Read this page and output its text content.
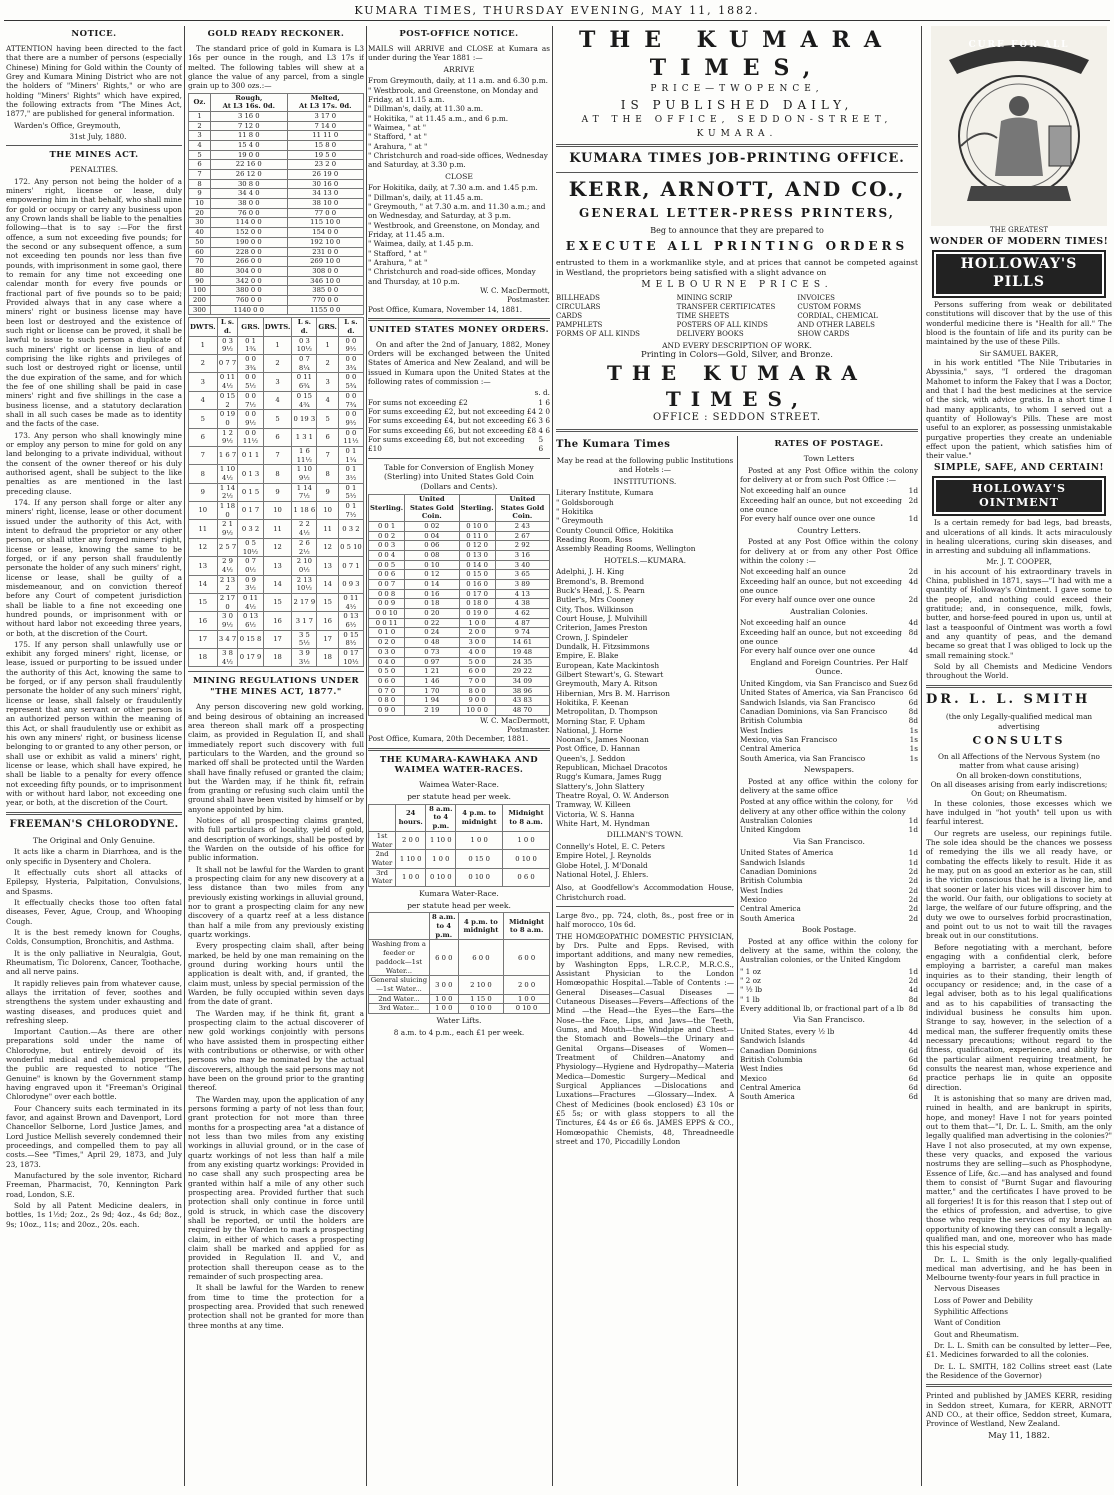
KUMARA TIMES, THURSDAY EVENING, MAY 11, 1882.
NOTICE.

ATTENTION having been directed to the fact that there are a number of persons (especially Chinese) Mining for Gold within the County of Grey and Kumara Mining District who are not the holders of "Miners' Rights," or who are holding "Miners' Rights" which have expired, the following extracts from "The Mines Act, 1877," are published for general information.

Warden's Office, Greymouth,

31st July, 1880.

THE MINES ACT.
PENALTIES.

172. Any person not being the holder of a miners' right, license or lease, duly empowering him in that behalf, who shall mine for gold or occupy or carry any business upon any Crown lands shall be liable to the penalties following—that is to say :—For the first offence, a sum not exceeding five pounds; for the second or any subsequent offence, a sum not exceeding ten pounds nor less than five pounds, with imprisonment in some gaol, there to remain for any time not exceeding one calendar month for every five pounds or fractional part of five pounds so to be paid; Provided always that in any case where a miners' right or business license may have been lost or destroyed and the existence of such right or license can be proved, it shall be lawful to issue to such person a duplicate of such miners' right or license in lieu of and comprising the like rights and privileges of such lost or destroyed right or license, until the due expiration of the same, and for which the fee of one shilling shall be paid in case miners' right and five shillings in the case a business license, and a statutory declaration shall in all such cases be made as to identity and the facts of the case.

173. Any person who shall knowingly mine or employ any person to mine for gold on any land belonging to a private individual, without the consent of the owner thereof or his duly authorised agent, shall be subject to the like penalties as are mentioned in the last preceding clause.

174. If any person shall forge or alter any miners' right, license, lease or other document issued under the authority of this Act, with intent to defraud the proprietor or any other person, or shall utter any forged miners' right, license or lease, knowing the same to be forged, or if any person shall fraudulently personate the holder of any such miners' right, license or lease, shall be guilty of a misdemeanour, and on conviction thereof before any Court of competent jurisdiction shall be liable to a fine not exceeding one hundred pounds, or imprisonment with or without hard labor not exceeding three years, or both, at the discretion of the Court.

175. If any person shall unlawfully use or exhibit any forged miners' right, license, or lease, issued or purporting to be issued under the authority of this Act, knowing the same to be forged, or if any person shall fraudulently personate the holder of any such miners' right, license or lease, shall falsely or fraudulently represent that any servant or other person is an authorized person within the meaning of this Act, or shall fraudulently use or exhibit as his own any miners' right, or business license belonging to or granted to any other person, or shall use or exhibit as valid a miners' right, license or lease, which shall have expired, he shall be liable to a penalty for every offence not exceeding fifty pounds, or to imprisonment with or without hard labor, not exceeding one year, or both, at the discretion of the Court.

FREEMAN'S CHLORODYNE.
The Original and Only Genuine.

It acts like a charm in Diarrhœa, and is the only specific in Dysentery and Cholera.

It effectually cuts short all attacks of Epilepsy, Hysteria, Palpitation, Convulsions, and Spasms.

It effectually checks those too often fatal diseases, Fever, Ague, Croup, and Whooping Cough.

It is the best remedy known for Coughs, Colds, Consumption, Bronchitis, and Asthma.

It is the only palliative in Neuralgia, Gout, Rheumatism, Tic Dolorenx, Cancer, Toothache, and all nerve pains.

It rapidly relieves pain from whatever cause, allays the irritation of fever, soothes and strengthens the system under exhausting and wasting diseases, and produces quiet and refreshing sleep.

Important Caution.—As there are other preparations sold under the name of Chlorodyne, but entirely devoid of its wonderful medical and chemical properties, the public are requested to notice "The Genuine" is known by the Government stamp having engraved upon it "Freeman's Original Chlorodyne" over each bottle.

Four Chancery suits each terminated in its favor, and against Brown and Davenport, Lord Chancellor Selborne, Lord Justice James, and Lord Justice Mellish severely condemned their proceedings, and compelled them to pay all costs.—See "Times," April 29, 1873, and July 23, 1873.

Manufactured by the sole inventor, Richard Freeman, Pharmacist, 70, Kennington Park road, London, S.E.

Sold by all Patent Medicine dealers, in bottles, 1s 1½d; 2oz., 2s 9d; 4oz., 4s 6d; 8oz., 9s; 10oz., 11s; and 20oz., 20s. each.

GOLD READY RECKONER.

The standard price of gold in Kumara is L3 16s per ounce in the rough, and L3 17s if melted. The following tables will shew at a glance the value of any parcel, from a single grain up to 300 ozs.:—

Oz.	Rough,
At L3 16s. 0d.	Melted,
At L3 17s. 0d.
1	3 16 0	3 17 0
2	7 12 0	7 14 0
3	11 8 0	11 11 0
4	15 4 0	15 8 0
5	19 0 0	19 5 0
6	22 16 0	23 2 0
7	26 12 0	26 19 0
8	30 8 0	30 16 0
9	34 4 0	34 13 0
10	38 0 0	38 10 0
20	76 0 0	77 0 0
30	114 0 0	115 10 0
40	152 0 0	154 0 0
50	190 0 0	192 10 0
60	228 0 0	231 0 0
70	266 0 0	269 10 0
80	304 0 0	308 0 0
90	342 0 0	346 10 0
100	380 0 0	385 0 0
200	760 0 0	770 0 0
300	1140 0 0	1155 0 0
DWTS.	L s. d.	GRS.	DWTS.	L s. d.	GRS.	L s. d.
1	0 3 9½	0 1 1¾	1	0 3 10½	1	0 0 9½
2	0 7 7	0 0 3¾	2	0 7 8¼	2	0 0 3¾
3	0 11 4½	0 0 5½	3	0 11 6¾	3	0 0 5¾
4	0 15 2	0 0 7½	4	0 15 4¾	4	0 0 7¾
5	0 19 0	0 0 9½	5	0 19 3	5	0 0 9½
6	1 2 9½	0 0 11½	6	1 3 1	6	0 0 11½
7	1 6 7	0 1 1	7	1 6 11½	7	0 1 1¼
8	1 10 4½	0 1 3	8	1 10 9½	8	0 1 3½
9	1 14 2½	0 1 5	9	1 14 7½	9	0 1 5½
10	1 18 0	0 1 7	10	1 18 6	10	0 1 7½
11	2 1 9½	0 3 2	11	2 2 4½	11	0 3 2
12	2 5 7	0 5 10½	12	2 6 2½	12	0 5 10
13	2 9 4½	0 7 0½	13	2 10 0½	13	0 7 1
14	2 13 2	0 9 3½	14	2 13 10½	14	0 9 3
15	2 17 0	0 11 4½	15	2 17 9	15	0 11 4½
16	3 0 9½	0 13 6½	16	3 1 7	16	0 13 6½
17	3 4 7	0 15 8	17	3 5 5½	17	0 15 8½
18	3 8 4½	0 17 9	18	3 9 3½	18	0 17 10½
MINING REGULATIONS UNDER "THE MINES ACT, 1877."

Any person discovering new gold working, and being desirous of obtaining an increased area thereon shall mark off a prospecting claim, as provided in Regulation II, and shall immediately report such discovery with full particulars to the Warden, and the ground so marked off shall be protected until the Warden shall have finally refused or granted the claim; but the Warden may, if he think fit, refrain from granting or refusing such claim until the ground shall have been visited by himself or by anyone appointed by him.

Notices of all prospecting claims granted, with full particulars of locality, yield of gold, and description of workings, shall be posted by the Warden on the outside of his office for public information.

It shall not be lawful for the Warden to grant a prospecting claim for any new discovery at a less distance than two miles from any previously existing workings in alluvial ground, nor to grant a prospecting claim for any new discovery of a quartz reef at a less distance than half a mile from any previously existing quartz workings.

Every prospecting claim shall, after being marked, be held by one man remaining on the ground during working hours until the application is dealt with, and, if granted, the claim must, unless by special permission of the Warden, be fully occupied within seven days from the date of grant.

The Warden may, if he think fit, grant a prospecting claim to the actual discoverer of new gold workings conjointly with persons who have assisted them in prospecting either with contributions or otherwise, or with other persons who may be nominated by the actual discoverers, although the said persons may not have been on the ground prior to the granting thereof.

The Warden may, upon the application of any persons forming a party of not less than four, grant protection for not more than three months for a prospecting area "at a distance of not less than two miles from any existing workings in alluvial ground, or in the case of quartz workings of not less than half a mile from any existing quartz workings: Provided in no case shall any such prospecting area be granted within half a mile of any other such prospecting area. Provided further that such protection shall only continue in force until gold is struck, in which case the discovery shall be reported, or until the holders are required by the Warden to mark a prospecting claim, in either of which cases a prospecting claim shall be marked and applied for as provided in Regulation II. and V., and protection shall thereupon cease as to the remainder of such prospecting area.

It shall be lawful for the Warden to renew from time to time the protection for a prospecting area. Provided that such renewed protection shall not be granted for more than three months at any time.

POST-OFFICE NOTICE.

MAILS will ARRIVE and CLOSE at Kumara as under during the Year 1881 :—

ARRIVE
From Greymouth, daily, at 11 a.m. and 6.30 p.m.
" Westbrook, and Greenstone, on Monday and Friday, at 11.15 a.m.
" Dillman's, daily, at 11.30 a.m.
" Hokitika, " at 11.45 a.m., and 6 p.m.
" Waimea, " at "
" Stafford, " at "
" Arahura, " at "
" Christchurch and road-side offices, Wednesday and Saturday, at 3.30 p.m.
CLOSE
For Hokitika, daily, at 7.30 a.m. and 1.45 p.m.
" Dillman's, daily, at 11.45 a.m.
" Greymouth, " at 7.30 a.m. and 11.30 a.m.; and on Wednesday, and Saturday, at 3 p.m.
" Westbrook, and Greenstone, on Monday, and Friday, at 11.45 a.m.
" Waimea, daily, at 1.45 p.m.
" Stafford, " at "
" Arahura, " at "
" Christchurch and road-side offices, Monday and Thursday, at 10 p.m.
W. C. MacDermott,
Postmaster.
Post Office, Kumara, November 14, 1881.
UNITED STATES MONEY ORDERS.

On and after the 2nd of January, 1882, Money Orders will be exchanged between the United States of America and New Zealand, and will be issued in Kumara upon the United States at the following rates of commission :—

s. d.
For sums not exceeding £2	1 6
For sums exceeding £2, but not exceeding £4 2 0
For sums exceeding £4, but not exceeding £6 3 6
For sums exceeding £6, but not exceeding £8 4 6
For sums exceeding £8, but not exceeding £10
5 6
Table for Conversion of English Money (Sterling) into United States Gold Coin (Dollars and Cents).
Sterling.	United States Gold Coin.	Sterling.	United States Gold Coin.
0 0 1	0 02	0 10 0	2 43
0 0 2	0 04	0 11 0	2 67
0 0 3	0 06	0 12 0	2 92
0 0 4	0 08	0 13 0	3 16
0 0 5	0 10	0 14 0	3 40
0 0 6	0 12	0 15 0	3 65
0 0 7	0 14	0 16 0	3 89
0 0 8	0 16	0 17 0	4 13
0 0 9	0 18	0 18 0	4 38
0 0 10	0 20	0 19 0	4 62
0 0 11	0 22	1 0 0	4 87
0 1 0	0 24	2 0 0	9 74
0 2 0	0 48	3 0 0	14 61
0 3 0	0 73	4 0 0	19 48
0 4 0	0 97	5 0 0	24 35
0 5 0	1 21	6 0 0	29 22
0 6 0	1 46	7 0 0	34 09
0 7 0	1 70	8 0 0	38 96
0 8 0	1 94	9 0 0	43 83
0 9 0	2 19	10 0 0	48 70
W. C. MacDermott,
Postmaster.
Post Office, Kumara, 20th December, 1881.
THE KUMARA-KAWHAKA AND WAIMEA WATER-RACES.
Waimea Water-Race.
per statute head per week.
	24 hours.	8 a.m. to 4 p.m.	4 p.m. to midnight	Midnight to 8 a.m.
1st Water	2 0 0	1 10 0	1 0 0	1 0 0
2nd Water	1 10 0	1 0 0	0 15 0	0 10 0
3rd Water	1 0 0	0 10 0	0 10 0	0 6 0
Kumara Water-Race.
per statute head per week.
	8 a.m. to 4 p.m.	4 p.m. to midnight	Midnight to 8 a.m.
Washing from a feeder or paddock—1st Water...	6 0 0	6 0 0	6 0 0
General sluicing—1st Water...	3 0 0	2 10 0	2 0 0
2nd Water...	1 0 0	1 15 0	1 0 0
3rd Water...	1 0 0	0 10 0	0 10 0
Water Lifts.
8 a.m. to 4 p.m., each £1 per week.
THE KUMARA TIMES,
PRICE—TWOPENCE,
IS PUBLISHED DAILY,
AT THE OFFICE, SEDDON-STREET,
KUMARA.
KUMARA TIMES JOB-PRINTING OFFICE.
KERR, ARNOTT, AND CO.,
GENERAL LETTER-PRESS PRINTERS,
Beg to announce that they are prepared to
EXECUTE ALL PRINTING ORDERS

entrusted to them in a workmanlike style, and at prices that cannot be competed against in Westland, the proprietors being satisfied with a slight advance on

MELBOURNE PRICES.
BILLHEADS	MINING SCRIP	INVOICES
CIRCULARS	TRANSFER CERTIFICATES	CUSTOM FORMS
CARDS	TIME SHEETS	CORDIAL, CHEMICAL
PAMPHLETS	POSTERS OF ALL KINDS	AND OTHER LABELS
FORMS OF ALL KINDS	DELIVERY BOOKS	SHOW CARDS
AND EVERY DESCRIPTION OF WORK.
Printing in Colors—Gold, Silver, and Bronze.
THE KUMARA TIMES,
OFFICE : SEDDON STREET.
The Kumara Times
May be read at the following public Institutions and Hotels :—
INSTITUTIONS.
Literary Institute, Kumara
" Goldsborough
" Hokitika
" Greymouth
County Council Office, Hokitika
Reading Room, Ross
Assembly Reading Rooms, Wellington
HOTELS.—KUMARA.
Adelphi, J. H. King
Bremond's, B. Bremond
Buck's Head, J. S. Pearn
Butler's, Mrs Cooney
City, Thos. Wilkinson
Court House, J. Mulvihill
Criterion, James Preston
Crown, J. Spindeler
Dundalk, H. Fitzsimmons
Empire, E. Blake
European, Kate Mackintosh
Gilbert Stewart's, G. Stewart
Greymouth, Mary A. Ritson
Hibernian, Mrs B. M. Harrison
Hokitika, F. Keenan
Metropolitan, D. Thompson
Morning Star, F. Upham
National, J. Horne
Noonan's, James Noonan
Post Office, D. Hannan
Queen's, J. Seddon
Republican, Michael Dracotos
Rugg's Kumara, James Rugg
Slattery's, John Slattery
Theatre Royal, O. W. Anderson
Tramway, W. Killeen
Victoria, W. S. Hanna
White Hart, M. Hyndman
DILLMAN'S TOWN.
Connelly's Hotel, E. C. Peters
Empire Hotel, J. Reynolds
Globe Hotel, J. M'Donald
National Hotel, J. Ehlers.

Also, at Goodfellow's Accommodation House, Christchurch road.

Large 8vo., pp. 724, cloth, 8s., post free or in half morocco, 10s 6d.

THE HOMŒOPATHIC DOMESTIC PHYSICIAN, by Drs. Pulte and Epps. Revised, with important additions, and many new remedies, by Washington Epps, L.R.C.P., M.R.C.S., Assistant Physician to the London Homœopathic Hospital.—Table of Contents :—General Diseases—Casual Diseases — Cutaneous Diseases—Fevers—Affections of the Mind —the Head—the Eyes—the Ears—the Nose—the Face, Lips, and Jaws—the Teeth, Gums, and Mouth—the Windpipe and Chest—the Stomach and Bowels—the Urinary and Genital Organs—Diseases of Women—Treatment of Children—Anatomy and Physiology—Hygiene and Hydropathy—Materia Medica—Domestic Surgery—Medical and Surgical Appliances —Dislocations and Luxations—Fractures —Glossary—Index. A Chest of Medicines (book enclosed) £3 10s or £5 5s; or with glass stoppers to all the Tinctures, £4 4s or £6 6s. JAMES EPPS & CO., Homœopathic Chemists, 48, Threadneedle street and 170, Piccadilly London

RATES OF POSTAGE.
Town Letters

Posted at any Post Office within the colony for delivery at or from such Post Office :—

Not exceeding half an ounce	1d
Exceeding half an ounce, but not exceeding one ounce
2d
For every half ounce over one ounce	1d
Country Letters.

Posted at any Post Office within the colony for delivery at or from any other Post Office within the colony :—

Not exceeding half an ounce	2d
Exceeding half an ounce, but not exceeding one ounce
4d
For every half ounce over one ounce	2d
Australian Colonies.
Not exceeding half an ounce	4d
Exceeding half an ounce, but not exceeding one ounce
8d
For every half ounce over one ounce	4d
England and Foreign Countries. Per Half Ounce.
United Kingdom, via San Francisco and Suez 6d
United States of America, via San Francisco 6d
Sandwich Islands, via San Francisco	6d
Canadian Dominions, via San Francisco	8d
British Columbia	8d
West Indies	1s
Mexico, via San Francisco	1s
Central America	1s
South America, via San Francisco	1s
Newspapers.

Posted at any office within the colony for delivery at the same office

Posted at any office within the colony, for delivery at any other office within the colony
½d
Australian Colonies	1d
United Kingdom	1d
Via San Francisco.
United States of America	1d
Sandwich Islands	1d
Canadian Dominions	2d
British Columbia	2d
West Indies	2d
Mexico	2d
Central America	2d
South America	2d
Book Postage.

Posted at any office within the colony for delivery at the same, within the colony, the Australian colonies, or the United Kingdom

" 1 oz	1d
" 2 oz	2d
" ½ lb	4d
" 1 lb	8d
Every additional lb, or fractional part of a lb 8d
Via San Francisco.
United States, every ½ lb	4d
Sandwich Islands	4d
Canadian Dominions	6d
British Columbia	6d
West Indies	6d
Mexico	6d
Central America	6d
South America	6d
CURE FOR ALL
THE GREATEST
WONDER OF MODERN TIMES!
HOLLOWAY'S PILLS

Persons suffering from weak or debilitated constitutions will discover that by the use of this wonderful medicine there is "Health for all." The blood is the fountain of life and its purity can be maintained by the use of these Pills.

Sir SAMUEL BAKER,

in his work entitled "The Nile Tributaries in Abyssinia," says, "I ordered the dragoman Mahomet to inform the Fakey that I was a Doctor, and that I had the best medicines at the service of the sick, with advice gratis. In a short time I had many applicants, to whom I served out a quantity of Holloway's Pills. These are most useful to an explorer, as possessing unmistakable purgative properties they create an undeniable effect upon the patient, which satisfies him of their value."

SIMPLE, SAFE, AND CERTAIN!
HOLLOWAY'S OINTMENT

Is a certain remedy for bad legs, bad breasts, and ulcerations of all kinds. It acts miraculously in healing ulcerations, curing skin diseases, and in arresting and subduing all inflammations.

Mr. J. T. COOPER,

in his account of his extraordinary travels in China, published in 1871, says—"I had with me a quantity of Holloway's Ointment. I gave some to the people, and nothing could exceed their gratitude; and, in consequence, milk, fowls, butter, and horse-feed poured in upon us, until at last a teaspoonful of Ointment was worth a fowl and any quantity of peas, and the demand became so great that I was obliged to lock up the small remaining stock."

Sold by all Chemists and Medicine Vendors throughout the World.

DR. L. L. SMITH
(the only Legally-qualified medical man advertising
CONSULTS
On all Affections of the Nervous System (no matter from what cause arising)
On all broken-down constitutions,
On all diseases arising from early indiscretions;
On Gout; on Rheumatism.

In these colonies, those excesses which we have indulged in "hot youth" tell upon us with fearful interest.

Our regrets are useless, our repinings futile. The sole idea should be the chances we possess of remedying the ills we all ready have, or combating the effects likely to result. Hide it as he may, put on as good an exterior as he can, still is the victim conscious that he is a living lie, and that sooner or later his vices will discover him to the world. Our faith, our obligations to society at large, the welfare of our future offspring, and the duty we owe to ourselves forbid procrastination, and point out to us not to wait till the ravages break out in our constitutions.

Before negotiating with a merchant, before engaging with a confidential clerk, before employing a barrister, a careful man makes inquiries as to their standing, their length of occupancy or residence; and, in the case of a legal adviser, both as to his legal qualifications and as to his capabilities of transacting the individual business he consults him upon. Strange to say, however, in the selection of a medical man, the sufferer frequently omits these necessary precautions; without regard to the fitness, qualification, experience, and ability for the particular ailment requiring treatment, he consults the nearest man, whose experience and practice perhaps lie in quite an opposite direction.

It is astonishing that so many are driven mad, ruined in health, and are bankrupt in spirits, hope, and money! Have I not for years pointed out to them that—"I, Dr. L. L. Smith, am the only legally qualified man advertising in the colonies?" Have I not also prosecuted, at my own expense, these very quacks, and exposed the various nostrums they are selling—such as Phosphodyne, Essence of Life, &c.—and has analysed and found them to consist of "Burnt Sugar and flavouring matter," and the certificates I have proved to be all forgeries! It is for this reason that I step out of the ethics of profession, and advertise, to give those who require the services of my branch an opportunity of knowing they can consult a legally-qualified man, and one, moreover who has made this his especial study.

Dr. L. L. Smith is the only legally-qualified medical man advertising, and he has been in Melbourne twenty-four years in full practice in

Nervous Diseases

Loss of Power and Debility

Syphilitic Affections

Want of Condition

Gout and Rheumatism.

Dr. L. L. Smith can be consulted by letter—Fee, £1. Medicines forwarded to all the colonies.

Dr. L. L. SMITH, 182 Collins street east (Late the Residence of the Governor)

Printed and published by JAMES KERR, residing in Seddon street, Kumara, for KERR, ARNOTT AND CO., at their office, Seddon street, Kumara, Province of Westland, New Zealand.

May 11, 1882.
